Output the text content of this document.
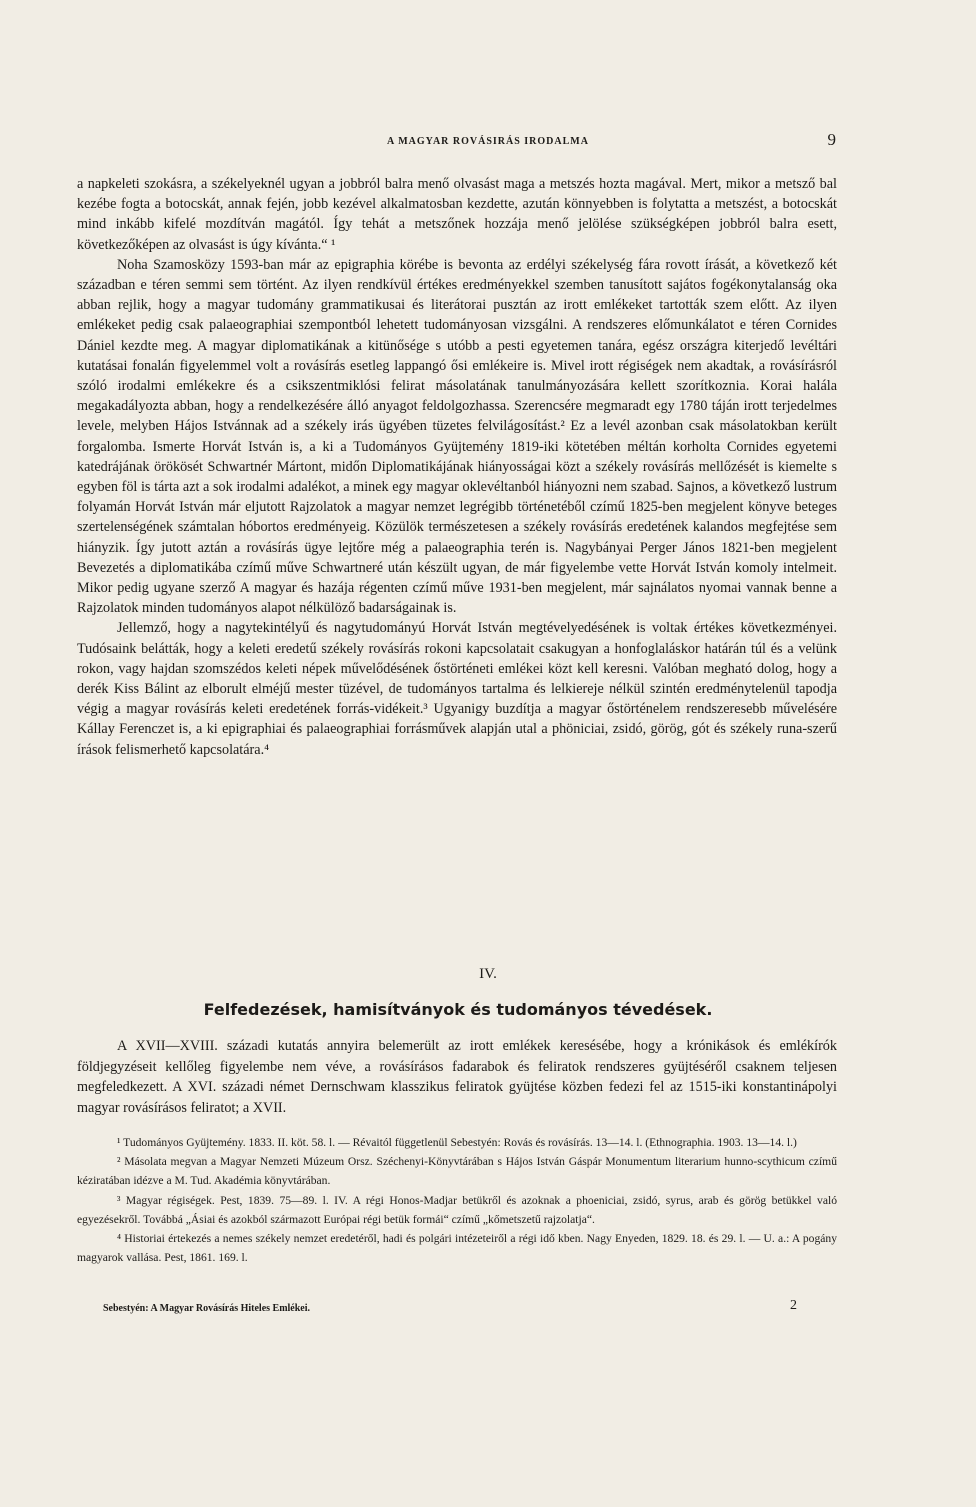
A MAGYAR ROVÁSIRÁS IRODALMA	9

a napkeleti szokásra, a székelyeknél ugyan a jobbról balra menő olvasást maga a metszés hozta magával. Mert, mikor a metsző bal kezébe fogta a botocskát, annak fején, jobb kezével alkalmatosban kezdette, azután könnyebben is folytatta a metszést, a botocskát mind inkább kifelé mozdítván magától. Így tehát a metszőnek hozzája menő jelölése szükségképen jobbról balra esett, következőképen az olvasást is úgy kívánta.“ ¹

Noha Szamosközy 1593-ban már az epigraphia körébe is bevonta az erdélyi székelység fára rovott írását, a következő két században e téren semmi sem történt. Az ilyen rendkívül értékes eredményekkel szemben tanusított sajátos fogékonytalanság oka abban rejlik, hogy a magyar tudomány grammatikusai és literátorai pusztán az irott emlékeket tartották szem előtt. Az ilyen emlékeket pedig csak palaeographiai szempontból lehetett tudományosan vizsgálni. A rendszeres előmunkálatot e téren Cornides Dániel kezdte meg. A magyar diplomatikának a kitünősége s utóbb a pesti egyetemen tanára, egész országra kiterjedő levéltári kutatásai fonalán figyelemmel volt a rovásírás esetleg lappangó ősi emlékeire is. Mivel irott régiségek nem akadtak, a rovásírásról szóló irodalmi emlékekre és a csikszentmiklósi felirat másolatának tanulmányozására kellett szorítkoznia. Korai halála megakadályozta abban, hogy a rendelkezésére álló anyagot feldolgozhassa. Szerencsére megmaradt egy 1780 táján irott terjedelmes levele, melyben Hájos Istvánnak ad a székely irás ügyében tüzetes felvilágosítást.² Ez a levél azonban csak másolatokban került forgalomba. Ismerte Horvát István is, a ki a Tudományos Gyüjtemény 1819-iki kötetében méltán korholta Cornides egyetemi katedrájának örökösét Schwartnér Mártont, midőn Diplomatikájának hiányosságai közt a székely rovásírás mellőzését is kiemelte s egyben föl is tárta azt a sok irodalmi adalékot, a minek egy magyar oklevéltanból hiányozni nem szabad. Sajnos, a következő lustrum folyamán Horvát István már eljutott Rajzolatok a magyar nemzet legrégibb történetéből czímű 1825-ben megjelent könyve beteges szertelenségének számtalan hóbortos eredményeig. Közülök természetesen a székely rovásírás eredetének kalandos megfejtése sem hiányzik. Így jutott aztán a rovásírás ügye lejtőre még a palaeographia terén is. Nagybányai Perger János 1821-ben megjelent Bevezetés a diplomatikába czímű műve Schwartneré után készült ugyan, de már figyelembe vette Horvát István komoly intelmeit. Mikor pedig ugyane szerző A magyar és hazája régenten czímű műve 1931-ben megjelent, már sajnálatos nyomai vannak benne a Rajzolatok minden tudományos alapot nélkülöző badarságainak is.

Jellemző, hogy a nagytekintélyű és nagytudományú Horvát István megtévelyedésének is voltak értékes következményei. Tudósaink belátták, hogy a keleti eredetű székely rovásírás rokoni kapcsolatait csakugyan a honfoglaláskor határán túl és a velünk rokon, vagy hajdan szomszédos keleti népek művelődésének őstörténeti emlékei közt kell keresni. Valóban megható dolog, hogy a derék Kiss Bálint az elborult elméjű mester tüzével, de tudományos tartalma és lelkiereje nélkül szintén eredménytelenül tapodja végig a magyar rovásírás keleti eredetének forrás-vidékeit.³ Ugyanigy buzdítja a magyar őstörténelem rendszeresebb művelésére Kállay Ferenczet is, a ki epigraphiai és palaeographiai forrásművek alapján utal a phöniciai, zsidó, görög, gót és székely runa-szerű írások felismerhető kapcsolatára.⁴

IV.
Felfedezések, hamisítványok és tudományos tévedések.

A XVII—XVIII. századi kutatás annyira belemerült az irott emlékek keresésébe, hogy a krónikások és emlékírók földjegyzéseit kellőleg figyelembe nem véve, a rovásírásos fadarabok és feliratok rendszeres gyüjtéséről csaknem teljesen megfeledkezett. A XVI. századi német Dernschwam klasszikus feliratok gyüjtése közben fedezi fel az 1515-iki konstantinápolyi magyar rovásírásos feliratot; a XVII.

¹ Tudományos Gyüjtemény. 1833. II. köt. 58. l. — Révaitól függetlenül Sebestyén: Rovás és rovásírás. 13—14. l. (Ethnographia. 1903. 13—14. l.)

² Másolata megvan a Magyar Nemzeti Múzeum Orsz. Széchenyi-Könyvtárában s Hájos István Gáspár Monumentum literarium hunno-scythicum czímű kéziratában idézve a M. Tud. Akadémia könyvtárában.

³ Magyar régiségek. Pest, 1839. 75—89. l. IV. A régi Honos-Madjar betükről és azoknak a phoeniciai, zsidó, syrus, arab és görög betükkel való egyezésekről. Továbbá „Ásiai és azokból származott Európai régi betük formái“ czímű „kőmetszetű rajzolatja“.

⁴ Historiai értekezés a nemes székely nemzet eredetéről, hadi és polgári intézeteiről a régi idő kben. Nagy Enyeden, 1829. 18. és 29. l. — U. a.: A pogány magyarok vallása. Pest, 1861. 169. l.

Sebestyén: A Magyar Rovásírás Hiteles Emlékei.	2
